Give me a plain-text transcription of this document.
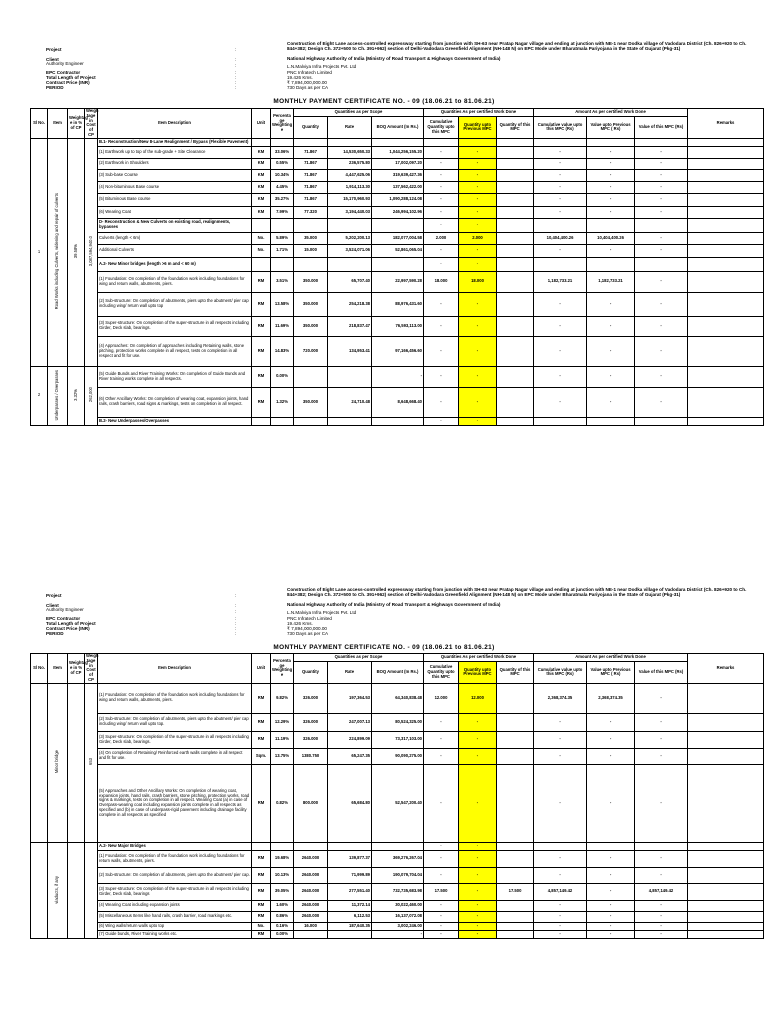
Project	:
Construction of Eight Lane access-controlled expressway starting from junction with SH-63 near Pratap Nagar village and ending at junction with NE-1 near Dodka village of Vadodara District (Ch. 826+920 to Ch. 844+382; Design Ch. 372+500 to Ch. 391+962) section of Delhi-Vadodara Greenfield Alignment (NH-148 N) on EPC Mode under Bharatmala Pariyojana in the State of Gujarat (Pkg-31)
Client
Authority Engineer
:	National Highway Authority of India (Ministry of Road Transport & Highways Government of India)
:	L.N.Malviya Infra Projects Pvt. Ltd
EPC Contractor	:	PNC Infratech Limited
Total Length of Project	:	19.426 Kms.
Contract Price (INR)	:	₹ 7,894,000,000.00
PERIOD	:	730 Days as per CA
MONTHLY PAYMENT CERTIFICATE NO. - 09 (18.06.21 to 81.06.21)
Sl No.	Item	Weightag e in % of CP	Weigh tage in Cost of CP	Item Description	Unit	Percenta ge Weighting e	Quantities as per Scope			Quantities As per certified Work Done			Amount As per certified Work Done			Remarks
							Quantity	Rate	BOQ Amount (In Rs.)	Cumulative Quantity upto this MPC	Quantity upto Previous MPC	Quantity of this MPC	Cumulative value upto this MPC (Rs)	Value upto Previous MPC ( Rs)	Value of this MPC (Rs)	
1	Road Works including Culverts, widening and repair of culverts	39.58%	3,087,594,940.0	B.1- Reconstruction/New 8-Lane Realignment / Bypass (Flexible Pavement)												
				(1) Earthwork up to top of the sub-grade + Site Clearance	KM	33.06%	71.867	14,530,650.33	1,044,256,155.20	-	-		-	-	-	
				(2) Earthwork in Shoulders	KM	0.55%	71.867	236,575.80	17,002,097.20	-	-		-	-	-	
				(3) Sub-base Course	KM	10.34%	71.867	4,447,625.06	319,639,427.36	-	-		-	-	-	
				(4) Non-bituminous Base course	KM	4.45%	71.867	1,914,113.30	137,562,422.00	-	-		-	-	-	
				(5) Bituminous Base course	KM	35.27%	71.867	15,170,960.93	1,090,288,124.08	-	-		-	-	-	
				(6) Wearing Coat	KM	7.99%	77.320	3,194,440.03	246,994,102.96	-	-		-	-	-	
				D- Reconstruction & New Culverts on existing road, realignments, bypasses						-	-					
				Culverts (length < 6m)	No.	5.89%	35.000	5,202,200.13	182,077,004.58	2.000	2.000		10,404,400.26	10,404,400.26	-	
				Additional Culverts	No.	1.71%	15.000	3,524,071.06	52,861,065.04	-	-		-	-	-	
				A.2- New Minor bridges (length >6 m and < 60 m)						-	-					
				(1) Foundation: On completion of the foundation work including foundations for wing and return walls, abutments, piers.	RM	3.51%	350.000	65,707.40	22,997,590.28	18.000	18.000		1,182,733.21	1,182,733.21	-	
				(2) Sub-structure: On completion of abutments, piers upto the abutment/ pier cap including wing/ return wall upto top	RM	13.58%	350.000	254,218.38	88,976,431.60	-	-		-	-	-	
				(3) Super-structure: On completion of the super-structure in all respects including Girder, Deck slab, bearings.	RM	11.69%	350.000	218,837.47	76,593,113.00	-	-		-	-	-	
				(4) Approaches: On completion of approaches including Retaining walls, stone pitching, protection works complete in all respect, tests on completion in all respect and fit for use.	RM	14.83%	720.000	134,953.41	97,166,456.60	-	-		-	-	-	
2	Underpasses / Overpasses	3.32%	262,000	(5) Guide Bunds and River Training Works: On completion of Guide Bunds and River training works complete in all respects.	RM	0.00%			-	-	-		-	-	-	
				(6) Other Ancillary Works: On completion of wearing coat, expansion joints, hand rails, crash barriers, road signs & markings, tests on completion in all respect.	RM	1.32%	350.000	24,710.48	8,648,668.40	-	-		-	-	-	
				B.2- New Underpasses/Overpasses						-	-					
Project	:
Construction of Eight Lane access-controlled expressway starting from junction with SH-63 near Pratap Nagar village and ending at junction with NE-1 near Dodka village of Vadodara District (Ch. 826+920 to Ch. 844+382; Design Ch. 372+500 to Ch. 391+962) section of Delhi-Vadodara Greenfield Alignment (NH-148 N) on EPC Mode under Bharatmala Pariyojana in the State of Gujarat (Pkg-31)
Client
Authority Engineer
:	National Highway Authority of India (Ministry of Road Transport & Highways Government of India)
:	L.N.Malviya Infra Projects Pvt. Ltd
EPC Contractor	:	PNC Infratech Limited
Total Length of Project	:	19.426 Kms.
Contract Price (INR)	:	₹ 7,894,000,000.00
PERIOD	:	730 Days as per CA
MONTHLY PAYMENT CERTIFICATE NO. - 09 (18.06.21 to 81.06.21)
Sl No.	Item	Weightag e in % of CP	Weigh tage in Cost of CP	Item Description	Unit	Percenta ge Weighting e	Quantities as per Scope			Quantities As per certified Work Done			Amount As per certified Work Done			Remarks
							Quantity	Rate	BOQ Amount (In Rs.)	Cumulative Quantity upto this MPC	Quantity upto Previous MPC	Quantity of this MPC	Cumulative value upto this MPC (Rs)	Value upto Previous MPC ( Rs)	Value of this MPC (Rs)	
	Minor bridge		653	(1) Foundation: On completion of the foundation work including foundations for wing and return walls, abutments, piers.	RM	9.82%	326.000	197,364.53	64,340,838.48	12.000	12.000		2,368,374.35	2,368,374.35	-	
				(2) Sub-structure: On completion of abutments, piers upto the abutment/ pier cap including wing/ return wall upto top.	RM	12.29%	326.000	247,007.13	80,524,325.00	-	-		-	-	-	
				(3) Super-structure: On completion of the super-structure in all respects including Girder, Deck slab, bearings.	RM	11.19%	326.000	224,899.09	73,317,103.00	-	-		-	-	-	
				(4) On completion of Retaining/ Reinforced earth walls complete in all respect and fit for use.	Sqm.	13.75%	1380.750	65,247.35	90,090,275.00	-	-		-	-	-	
				(5) Approaches and Other Ancillary Works: On completion of wearing coat, expansion joints, hand rails, crash barriers, stone pitching, protection works, road signs & markings, tests on completion in all respect. Wearing Coat (a) in case of Overpass-wearing coat including expansion joints complete in all respects as specified and (b) in case of underpass-rigid pavement including drainage facility complete in all respects as specified	RM	0.82%	800.000	65,684.80	52,547,200.40	-	-		-	-	-	
	viaducts, if any			A.2- New Major Bridges						-	-					
				(1) Foundation: On completion of the foundation work including foundations for return walls, abutments, piers.	RM	19.68%	2640.000	139,877.37	369,276,267.04	-	-		-	-	-	
				(2) Sub-structure: On completion of abutments, piers upto the abutment/ pier cap.	RM	10.13%	2640.000	71,999.89	190,079,704.04	-	-		-	-	-	
				(3) Super-structure: On completion of the super-structure in all respects including Girder, Deck slab, bearings	RM	39.05%	2640.000	277,551.40	732,735,683.98	17.500	-	17.500	4,857,149.42	-	4,857,149.42	
				(4) Wearing Coat including expansion joints	RM	1.60%	2640.000	11,372.14	30,022,460.00	-	-		-	-	-	
				(5) Miscellaneous Items like hand rails, crash barrier, road markings etc.	RM	0.86%	2640.000	6,112.53	16,137,072.08	-	-		-	-	-	
				(6) Wing walls/return walls upto top	No.	0.16%	16.000	187,640.35	3,002,246.00	-	-		-	-	-	
				(7) Guide bunds, River Training works etc.	RM	0.00%			-	-	-		-	-	-	
